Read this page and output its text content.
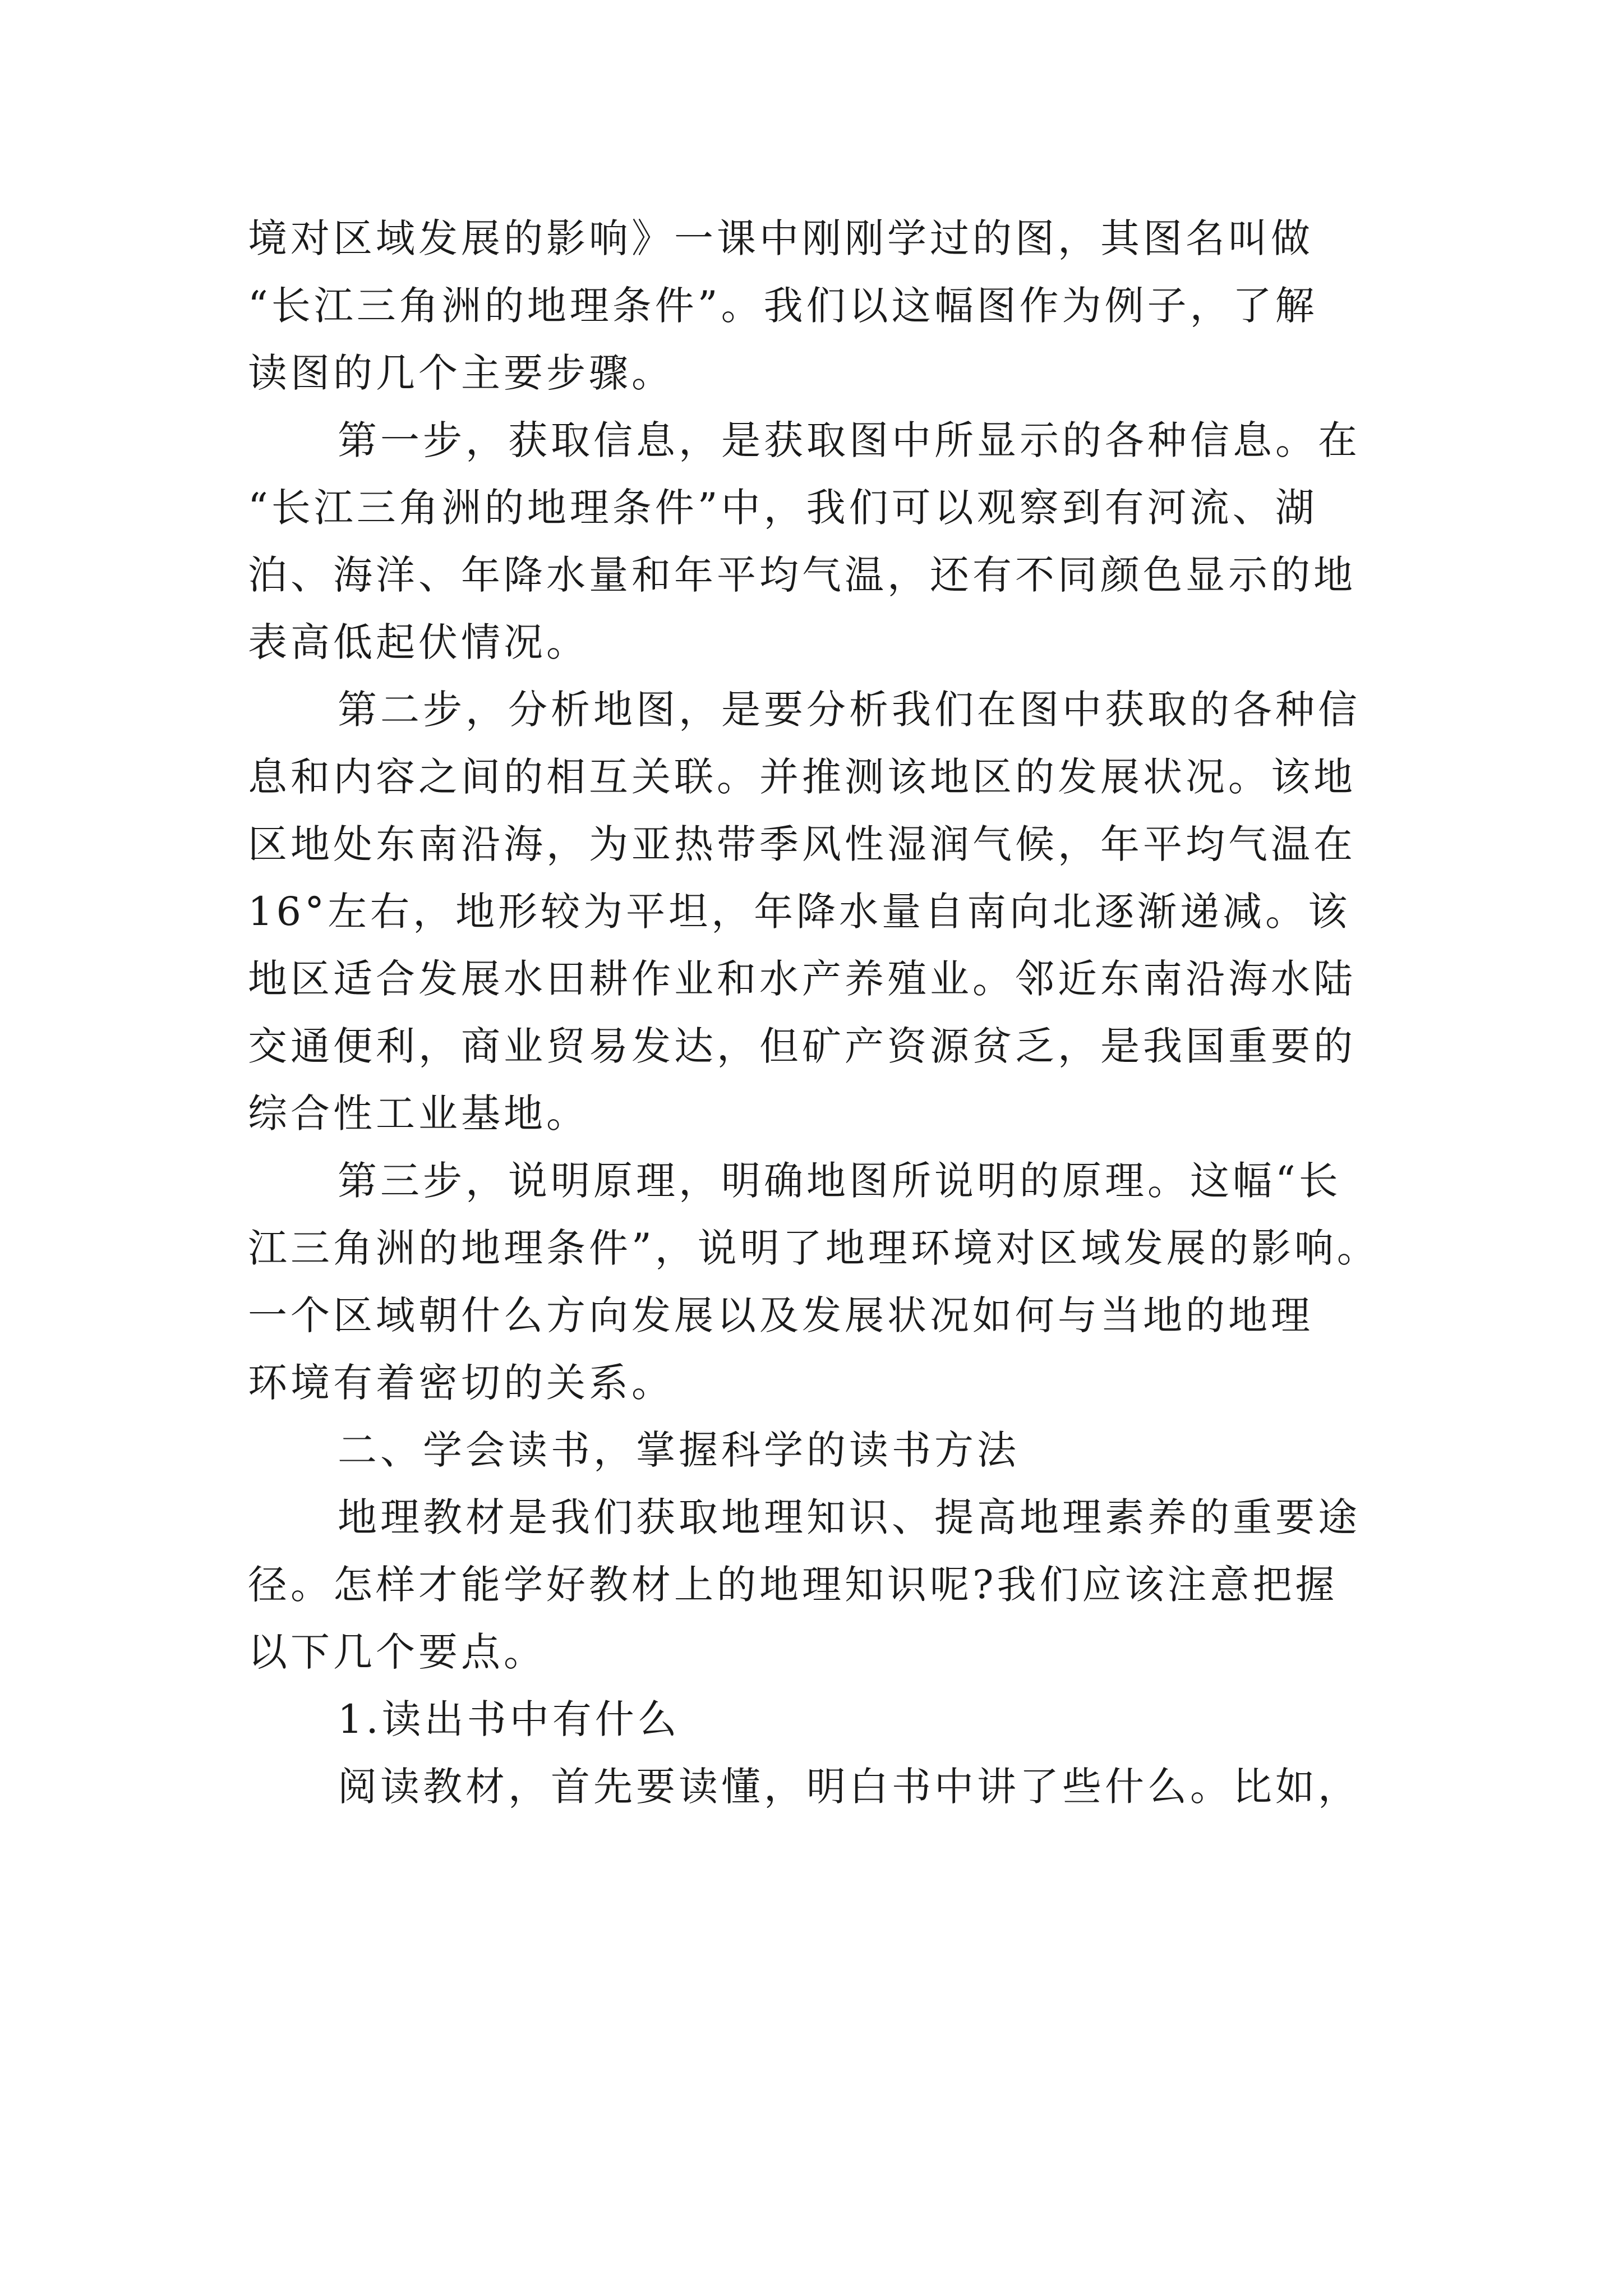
境对区域发展的影响》一课中刚刚学过的图，其图名叫做
“长江三角洲的地理条件”。我们以这幅图作为例子，了解
读图的几个主要步骤。
第一步，获取信息，是获取图中所显示的各种信息。在
“长江三角洲的地理条件”中，我们可以观察到有河流、湖
泊、海洋、年降水量和年平均气温，还有不同颜色显示的地
表高低起伏情况。
第二步，分析地图，是要分析我们在图中获取的各种信
息和内容之间的相互关联。并推测该地区的发展状况。该地
区地处东南沿海，为亚热带季风性湿润气候，年平均气温在
16°左右，地形较为平坦，年降水量自南向北逐渐递减。该
地区适合发展水田耕作业和水产养殖业。邻近东南沿海水陆
交通便利，商业贸易发达，但矿产资源贫乏，是我国重要的
综合性工业基地。
第三步，说明原理，明确地图所说明的原理。这幅“长
江三角洲的地理条件”，说明了地理环境对区域发展的影响。
一个区域朝什么方向发展以及发展状况如何与当地的地理
环境有着密切的关系。
二、学会读书，掌握科学的读书方法
地理教材是我们获取地理知识、提高地理素养的重要途
径。怎样才能学好教材上的地理知识呢?我们应该注意把握
以下几个要点。
1.读出书中有什么
阅读教材，首先要读懂，明白书中讲了些什么。比如，
